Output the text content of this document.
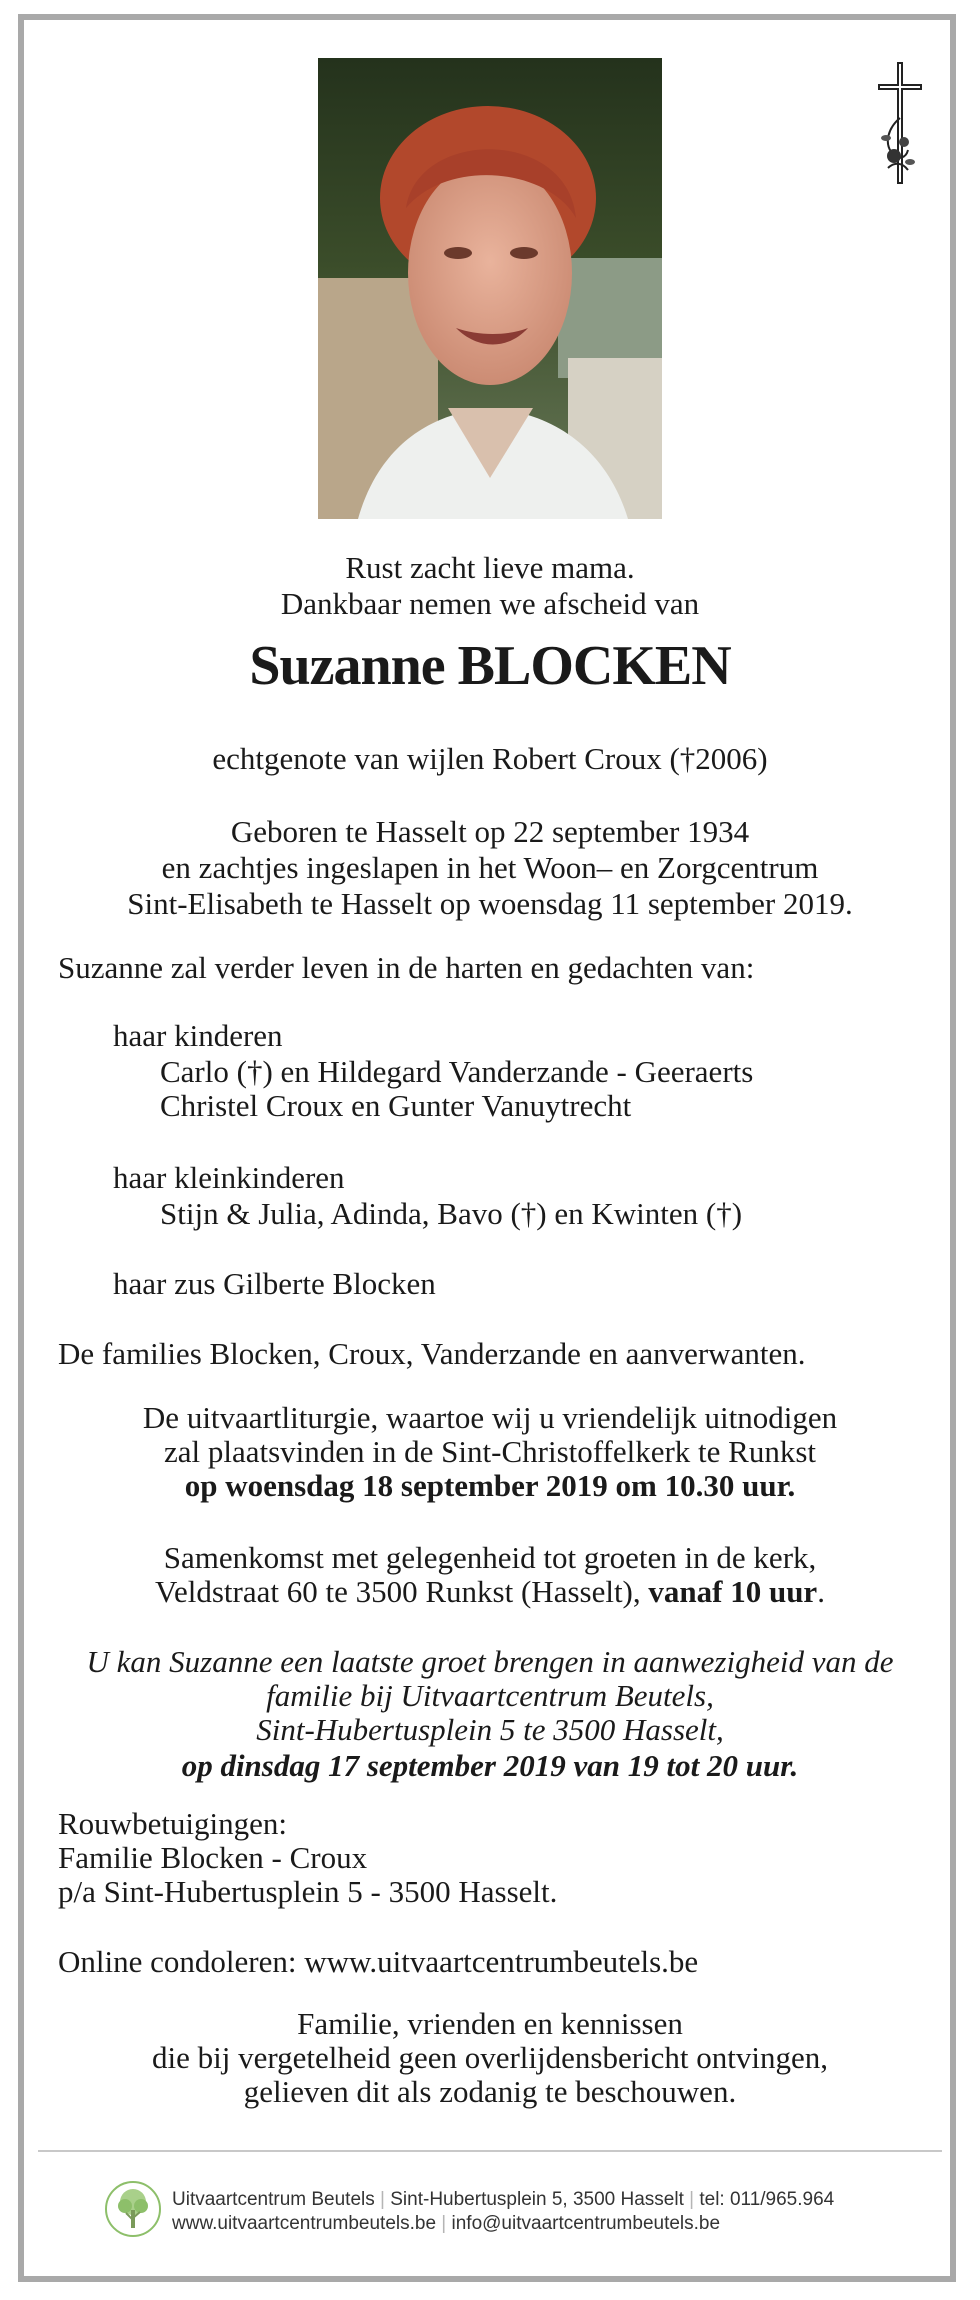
Rust zacht lieve mama.

Dankbaar nemen we afscheid van

Suzanne BLOCKEN

echtgenote van wijlen Robert Croux (†2006)

Geboren te Hasselt op 22 september 1934

en zachtjes ingeslapen in het Woon– en Zorgcentrum

Sint-Elisabeth te Hasselt op woensdag 11 september 2019.

Suzanne zal verder leven in de harten en gedachten van:

haar kinderen

Carlo (†) en Hildegard Vanderzande - Geeraerts

Christel Croux en Gunter Vanuytrecht

haar kleinkinderen

Stijn & Julia, Adinda, Bavo (†) en Kwinten (†)

haar zus Gilberte Blocken

De families Blocken, Croux, Vanderzande en aanverwanten.

De uitvaartliturgie, waartoe wij u vriendelijk uitnodigen

zal plaatsvinden in de Sint-Christoffelkerk te Runkst

op woensdag 18 september 2019 om 10.30 uur.

Samenkomst met gelegenheid tot groeten in de kerk,

Veldstraat 60 te 3500 Runkst (Hasselt), vanaf 10 uur.

U kan Suzanne een laatste groet brengen in aanwezigheid van de

familie bij Uitvaartcentrum Beutels,

Sint-Hubertusplein 5 te 3500 Hasselt,

op dinsdag 17 september 2019 van 19 tot 20 uur.

Rouwbetuigingen:

Familie Blocken - Croux

p/a Sint-Hubertusplein 5 - 3500 Hasselt.

Online condoleren: www.uitvaartcentrumbeutels.be

Familie, vrienden en kennissen

die bij vergetelheid geen overlijdensbericht ontvingen,

gelieven dit als zodanig te beschouwen.

Uitvaartcentrum Beutels | Sint-Hubertusplein 5, 3500 Hasselt | tel: 011/965.964
www.uitvaartcentrumbeutels.be | info@uitvaartcentrumbeutels.be
